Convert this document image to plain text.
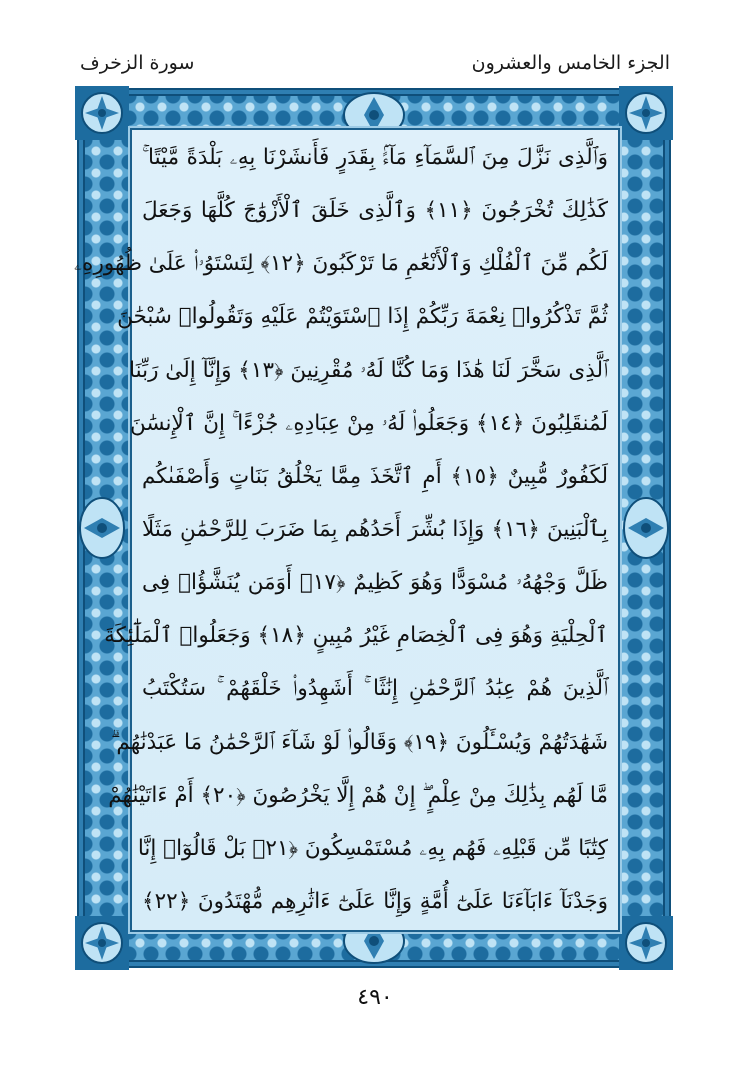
الجزء الخامس والعشرون
سورة الزخرف
وَٱلَّذِى نَزَّلَ مِنَ ٱلسَّمَآءِ مَآءًۢ بِقَدَرٍ فَأَنشَرْنَا بِهِۦ بَلْدَةً مَّيْتًا ۚ
كَذَٰلِكَ تُخْرَجُونَ ﴿١١﴾ وَٱلَّذِى خَلَقَ ٱلْأَزْوَٰجَ كُلَّهَا وَجَعَلَ
لَكُم مِّنَ ٱلْفُلْكِ وَٱلْأَنْعَٰمِ مَا تَرْكَبُونَ ﴿١٢﴾ لِتَسْتَوُۥا۟ عَلَىٰ ظُهُورِهِۦ
ثُمَّ تَذْكُرُوا۟ نِعْمَةَ رَبِّكُمْ إِذَا ٱسْتَوَيْتُمْ عَلَيْهِ وَتَقُولُوا۟ سُبْحَٰنَ
ٱلَّذِى سَخَّرَ لَنَا هَٰذَا وَمَا كُنَّا لَهُۥ مُقْرِنِينَ ﴿١٣﴾ وَإِنَّآ إِلَىٰ رَبِّنَا
لَمُنقَلِبُونَ ﴿١٤﴾ وَجَعَلُوا۟ لَهُۥ مِنْ عِبَادِهِۦ جُزْءًا ۚ إِنَّ ٱلْإِنسَٰنَ
لَكَفُورٌ مُّبِينٌ ﴿١٥﴾ أَمِ ٱتَّخَذَ مِمَّا يَخْلُقُ بَنَاتٍ وَأَصْفَىٰكُم
بِٱلْبَنِينَ ﴿١٦﴾ وَإِذَا بُشِّرَ أَحَدُهُم بِمَا ضَرَبَ لِلرَّحْمَٰنِ مَثَلًا
ظَلَّ وَجْهُهُۥ مُسْوَدًّا وَهُوَ كَظِيمٌ ﴿١٧﴾ أَوَمَن يُنَشَّؤُا۟ فِى
ٱلْحِلْيَةِ وَهُوَ فِى ٱلْخِصَامِ غَيْرُ مُبِينٍ ﴿١٨﴾ وَجَعَلُوا۟ ٱلْمَلَٰٓئِكَةَ
ٱلَّذِينَ هُمْ عِبَٰدُ ٱلرَّحْمَٰنِ إِنَٰثًا ۚ أَشَهِدُوا۟ خَلْقَهُمْ ۚ سَتُكْتَبُ
شَهَٰدَتُهُمْ وَيُسْـَٔلُونَ ﴿١٩﴾ وَقَالُوا۟ لَوْ شَآءَ ٱلرَّحْمَٰنُ مَا عَبَدْنَٰهُم ۗ
مَّا لَهُم بِذَٰلِكَ مِنْ عِلْمٍ ۖ إِنْ هُمْ إِلَّا يَخْرُصُونَ ﴿٢٠﴾ أَمْ ءَاتَيْنَٰهُمْ
كِتَٰبًا مِّن قَبْلِهِۦ فَهُم بِهِۦ مُسْتَمْسِكُونَ ﴿٢١﴾ بَلْ قَالُوٓا۟ إِنَّا
وَجَدْنَآ ءَابَآءَنَا عَلَىٰٓ أُمَّةٍ وَإِنَّا عَلَىٰٓ ءَاثَٰرِهِم مُّهْتَدُونَ ﴿٢٢﴾
٤٩٠
